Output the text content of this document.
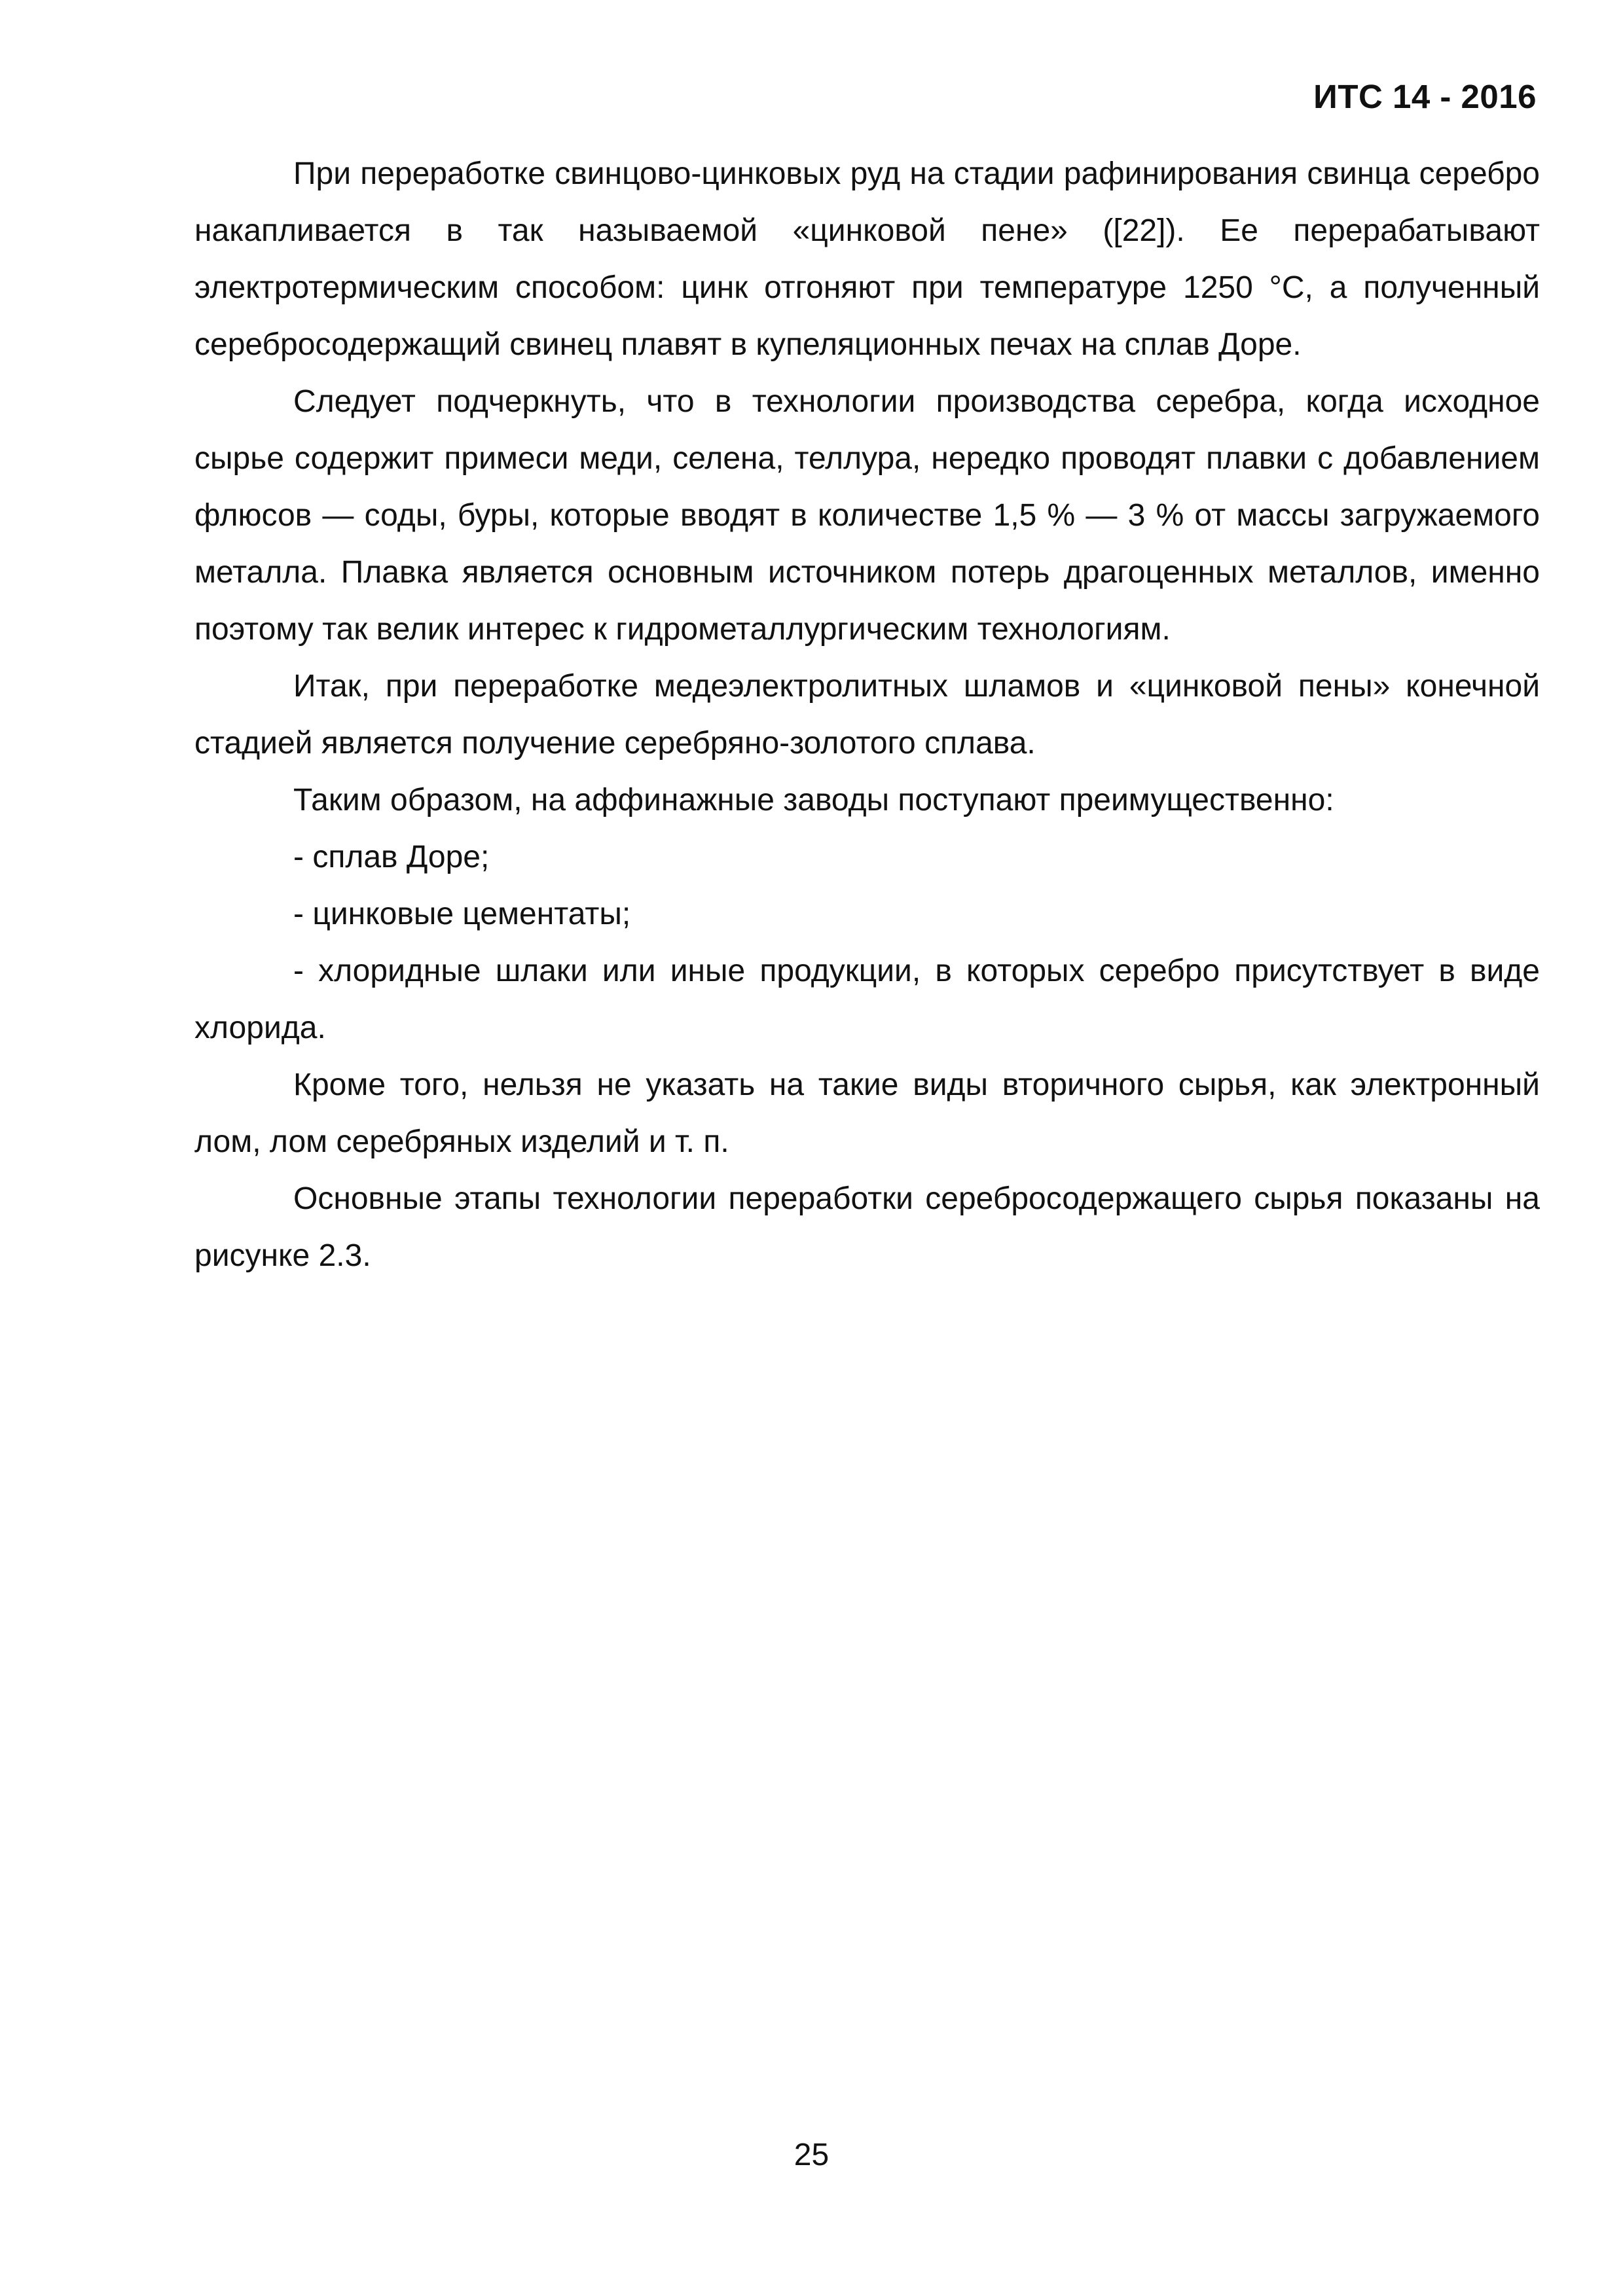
ИТС 14 - 2016

При переработке свинцово-цинковых руд на стадии рафинирования свинца серебро накапливается в так называемой «цинковой пене» ([22]). Ее перерабатывают электротермическим способом: цинк отгоняют при температуре 1250 °С, а полученный серебросодержащий свинец плавят в купеляционных печах на сплав Доре.

Следует подчеркнуть, что в технологии производства серебра, когда исходное сырье содержит примеси меди, селена, теллура, нередко проводят плавки с добавлением флюсов — соды, буры, которые вводят в количестве 1,5 % — 3 % от массы загружаемого металла. Плавка является основным источником потерь драгоценных металлов, именно поэтому так велик интерес к гидрометаллургическим технологиям.

Итак, при переработке медеэлектролитных шламов и «цинковой пены» конечной стадией является получение серебряно-золотого сплава.

Таким образом, на аффинажные заводы поступают преимущественно:

- сплав Доре;

- цинковые цементаты;

- хлоридные шлаки или иные продукции, в которых серебро присутствует в виде хлорида.

Кроме того, нельзя не указать на такие виды вторичного сырья, как электронный лом, лом серебряных изделий и т. п.

Основные этапы технологии переработки серебросодержащего сырья показаны на рисунке 2.3.

25
